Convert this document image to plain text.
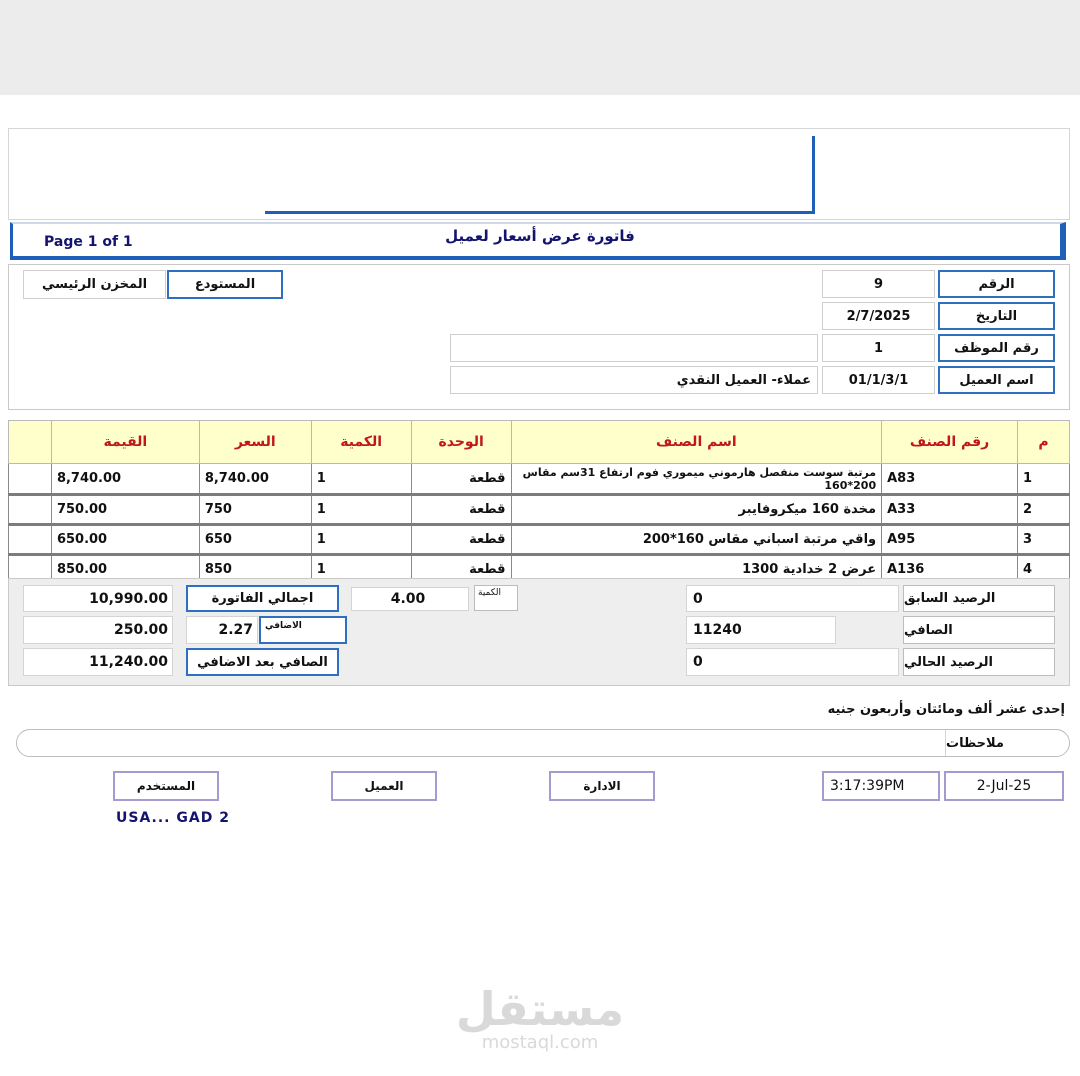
Page 1 of 1	فاتورة عرض أسعار لعميل
الرقم
9
التاريخ
2/7/2025
رقم الموظف
1
اسم العميل
01/1/3/1
عملاء- العميل النقدي
المستودع
المخزن الرئيسي
	القيمة	السعر	الكمية	الوحدة	اسم الصنف	رقم الصنف	م
	8,740.00	8,740.00	1	قطعة	مرتبة سوست منفصل هارموني ميموري فوم ارتفاع 31سم مقاس 200*160	A83	1
	750.00	750	1	قطعة	مخدة 160 ميكروفايبر	A33	2
	650.00	650	1	قطعة	واقي مرتبة اسباني مقاس 160*200	A95	3
	850.00	850	1	قطعة	عرض 2 خدادية 1300	A136	4
الرصيد السابق
0
الصافي
11240
الرصيد الحالي
0
الكمية
4.00
اجمالي الفاتورة
10,990.00
الاضافي
2.27
250.00
الصافي بعد الاضافي
11,240.00
إحدى عشر ألف ومائتان وأربعون جنيه
ملاحظات
2-Jul-25
3:17:39PM
الادارة
العميل
المستخدم
USA... GAD 2
مستقل
mostaql.com
